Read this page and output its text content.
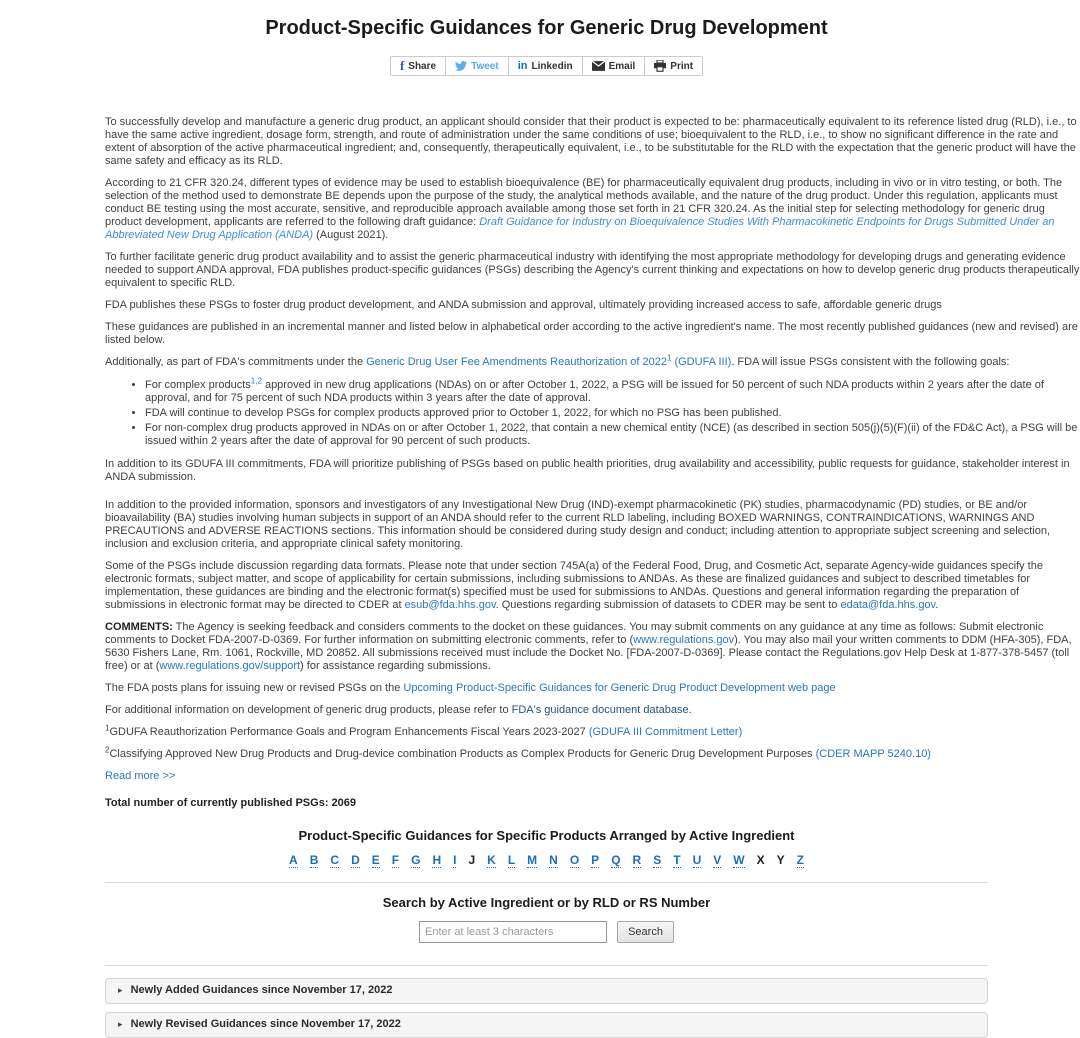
Product-Specific Guidances for Generic Drug Development
f Share	Tweet in Linkedin	Email	Print

To successfully develop and manufacture a generic drug product, an applicant should consider that their product is expected to be: pharmaceutically equivalent to its reference listed drug (RLD), i.e., to have the same active ingredient, dosage form, strength, and route of administration under the same conditions of use; bioequivalent to the RLD, i.e., to show no significant difference in the rate and extent of absorption of the active pharmaceutical ingredient; and, consequently, therapeutically equivalent, i.e., to be substitutable for the RLD with the expectation that the generic product will have the same safety and efficacy as its RLD.

According to 21 CFR 320.24, different types of evidence may be used to establish bioequivalence (BE) for pharmaceutically equivalent drug products, including in vivo or in vitro testing, or both. The selection of the method used to demonstrate BE depends upon the purpose of the study, the analytical methods available, and the nature of the drug product. Under this regulation, applicants must conduct BE testing using the most accurate, sensitive, and reproducible approach available among those set forth in 21 CFR 320.24. As the initial step for selecting methodology for generic drug product development, applicants are referred to the following draft guidance: Draft Guidance for Industry on Bioequivalence Studies With Pharmacokinetic Endpoints for Drugs Submitted Under an Abbreviated New Drug Application (ANDA) (August 2021).

To further facilitate generic drug product availability and to assist the generic pharmaceutical industry with identifying the most appropriate methodology for developing drugs and generating evidence needed to support ANDA approval, FDA publishes product-specific guidances (PSGs) describing the Agency's current thinking and expectations on how to develop generic drug products therapeutically equivalent to specific RLD.

FDA publishes these PSGs to foster drug product development, and ANDA submission and approval, ultimately providing increased access to safe, affordable generic drugs

These guidances are published in an incremental manner and listed below in alphabetical order according to the active ingredient's name. The most recently published guidances (new and revised) are listed below.

Additionally, as part of FDA's commitments under the Generic Drug User Fee Amendments Reauthorization of 2022$^1$ (GDUFA III). FDA will issue PSGs consistent with the following goals:

• For complex products$^{1,2}$ approved in new drug applications (NDAs) on or after October 1, 2022, a PSG will be issued for 50 percent of such NDA products within 2 years after the date of approval, and for 75 percent of such NDA products within 3 years after the date of approval.
• FDA will continue to develop PSGs for complex products approved prior to October 1, 2022, for which no PSG has been published.
• For non-complex drug products approved in NDAs on or after October 1, 2022, that contain a new chemical entity (NCE) (as described in section 505(j)(5)(F)(ii) of the FD&C Act), a PSG will be issued within 2 years after the date of approval for 90 percent of such products.

In addition to its GDUFA III commitments, FDA will prioritize publishing of PSGs based on public health priorities, drug availability and accessibility, public requests for guidance, stakeholder interest in ANDA submission.

In addition to the provided information, sponsors and investigators of any Investigational New Drug (IND)-exempt pharmacokinetic (PK) studies, pharmacodynamic (PD) studies, or BE and/or bioavailability (BA) studies involving human subjects in support of an ANDA should refer to the current RLD labeling, including BOXED WARNINGS, CONTRAINDICATIONS, WARNINGS AND PRECAUTIONS and ADVERSE REACTIONS sections. This information should be considered during study design and conduct; including attention to appropriate subject screening and selection, inclusion and exclusion criteria, and appropriate clinical safety monitoring.

Some of the PSGs include discussion regarding data formats. Please note that under section 745A(a) of the Federal Food, Drug, and Cosmetic Act, separate Agency-wide guidances specify the electronic formats, subject matter, and scope of applicability for certain submissions, including submissions to ANDAs. As these are finalized guidances and subject to described timetables for implementation, these guidances are binding and the electronic format(s) specified must be used for submissions to ANDAs. Questions and general information regarding the preparation of submissions in electronic format may be directed to CDER at esub@fda.hhs.gov. Questions regarding submission of datasets to CDER may be sent to edata@fda.hhs.gov.

COMMENTS: The Agency is seeking feedback and considers comments to the docket on these guidances. You may submit comments on any guidance at any time as follows: Submit electronic comments to Docket FDA-2007-D-0369. For further information on submitting electronic comments, refer to (www.regulations.gov). You may also mail your written comments to DDM (HFA-305), FDA, 5630 Fishers Lane, Rm. 1061, Rockville, MD 20852. All submissions received must include the Docket No. [FDA-2007-D-0369]. Please contact the Regulations.gov Help Desk at 1-877-378-5457 (toll free) or at (www.regulations.gov/support) for assistance regarding submissions.

The FDA posts plans for issuing new or revised PSGs on the Upcoming Product-Specific Guidances for Generic Drug Product Development web page

For additional information on development of generic drug products, please refer to FDA's guidance document database.

$^1$GDUFA Reauthorization Performance Goals and Program Enhancements Fiscal Years 2023-2027 (GDUFA III Commitment Letter)

$^2$Classifying Approved New Drug Products and Drug-device combination Products as Complex Products for Generic Drug Development Purposes (CDER MAPP 5240.10)

Read more >>

Total number of currently published PSGs: 2069
Product-Specific Guidances for Specific Products Arranged by Active Ingredient
A B C D E F G H I J K L M N O P Q R S T U V W X Y Z
Search by Active Ingredient or by RLD or RS Number
Enter at least 3 characters Search
▸ Newly Added Guidances since November 17, 2022
▸ Newly Revised Guidances since November 17, 2022
